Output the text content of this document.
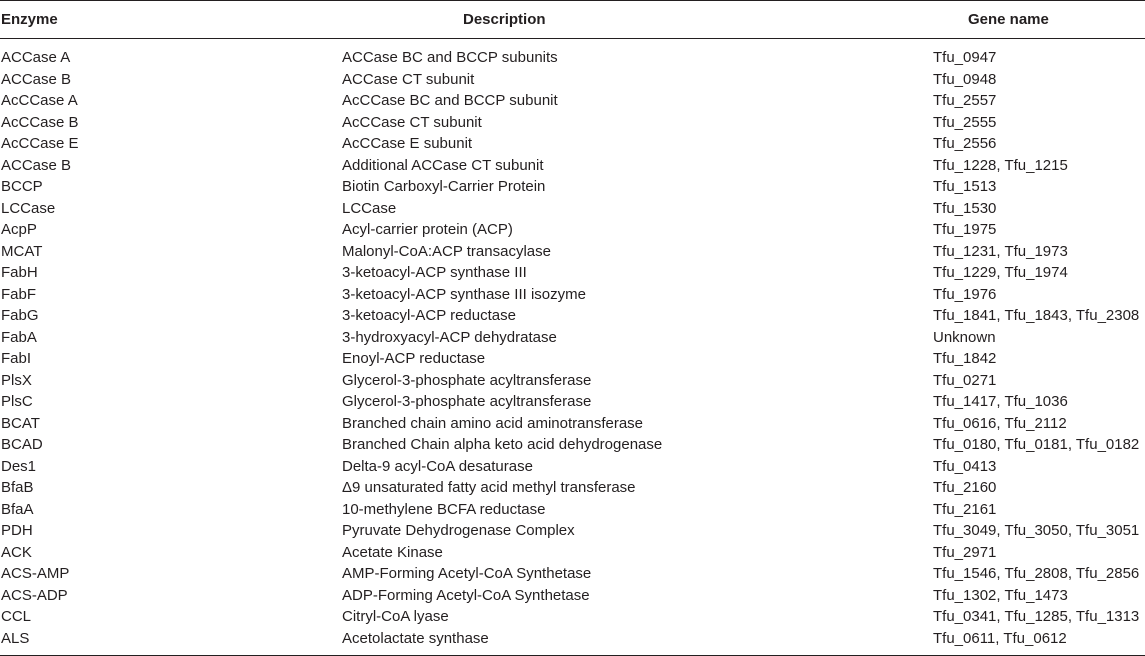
Enzyme	Description	Gene name
ACCase A	ACCase BC and BCCP subunits	Tfu_0947
ACCase B	ACCase CT subunit	Tfu_0948
AcCCase A	AcCCase BC and BCCP subunit	Tfu_2557
AcCCase B	AcCCase CT subunit	Tfu_2555
AcCCase E	AcCCase E subunit	Tfu_2556
ACCase B	Additional ACCase CT subunit	Tfu_1228, Tfu_1215
BCCP	Biotin Carboxyl-Carrier Protein	Tfu_1513
LCCase	LCCase	Tfu_1530
AcpP	Acyl-carrier protein (ACP)	Tfu_1975
MCAT	Malonyl-CoA:ACP transacylase	Tfu_1231, Tfu_1973
FabH	3-ketoacyl-ACP synthase III	Tfu_1229, Tfu_1974
FabF	3-ketoacyl-ACP synthase III isozyme	Tfu_1976
FabG	3-ketoacyl-ACP reductase	Tfu_1841, Tfu_1843, Tfu_2308
FabA	3-hydroxyacyl-ACP dehydratase	Unknown
FabI	Enoyl-ACP reductase	Tfu_1842
PlsX	Glycerol-3-phosphate acyltransferase	Tfu_0271
PlsC	Glycerol-3-phosphate acyltransferase	Tfu_1417, Tfu_1036
BCAT	Branched chain amino acid aminotransferase	Tfu_0616, Tfu_2112
BCAD	Branched Chain alpha keto acid dehydrogenase	Tfu_0180, Tfu_0181, Tfu_0182
Des1	Delta-9 acyl-CoA desaturase	Tfu_0413
BfaB	Δ9 unsaturated fatty acid methyl transferase	Tfu_2160
BfaA	10-methylene BCFA reductase	Tfu_2161
PDH	Pyruvate Dehydrogenase Complex	Tfu_3049, Tfu_3050, Tfu_3051
ACK	Acetate Kinase	Tfu_2971
ACS-AMP	AMP-Forming Acetyl-CoA Synthetase	Tfu_1546, Tfu_2808, Tfu_2856
ACS-ADP	ADP-Forming Acetyl-CoA Synthetase	Tfu_1302, Tfu_1473
CCL	Citryl-CoA lyase	Tfu_0341, Tfu_1285, Tfu_1313
ALS	Acetolactate synthase	Tfu_0611, Tfu_0612
